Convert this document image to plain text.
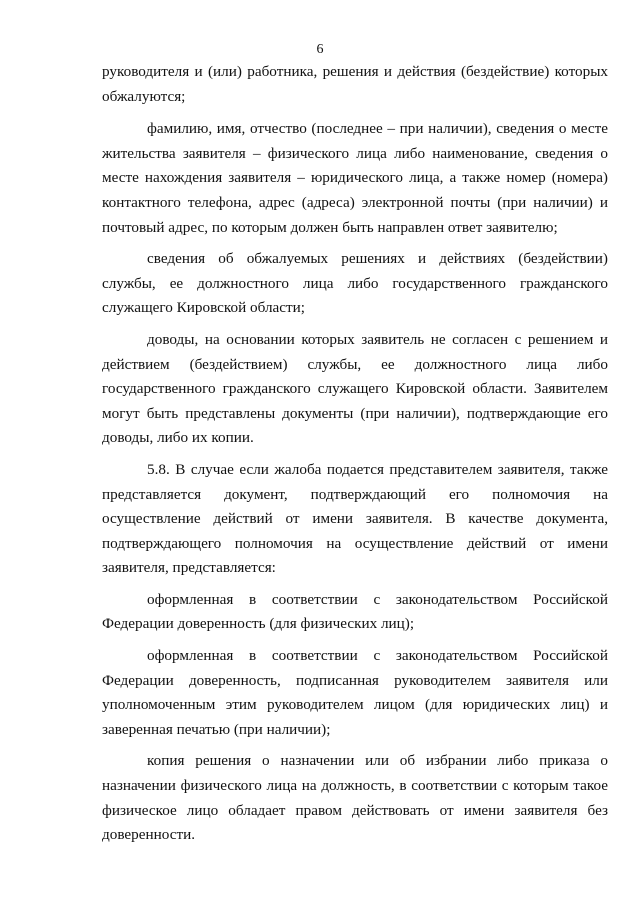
6

руководителя и (или) работника, решения и действия (бездействие) которых обжалуются;

фамилию, имя, отчество (последнее – при наличии), сведения о месте жительства заявителя – физического лица либо наименование, сведения о месте нахождения заявителя – юридического лица, а также номер (номера) контактного телефона, адрес (адреса) электронной почты (при наличии) и почтовый адрес, по которым должен быть направлен ответ заявителю;

сведения об обжалуемых решениях и действиях (бездействии) службы, ее должностного лица либо государственного гражданского служащего Кировской области;

доводы, на основании которых заявитель не согласен с решением и действием (бездействием) службы, ее должностного лица либо государственного гражданского служащего Кировской области. Заявителем могут быть представлены документы (при наличии), подтверждающие его доводы, либо их копии.

5.8. В случае если жалоба подается представителем заявителя, также представляется документ, подтверждающий его полномочия на осуществление действий от имени заявителя. В качестве документа, подтверждающего полномочия на осуществление действий от имени заявителя, представляется:

оформленная в соответствии с законодательством Российской Федерации доверенность (для физических лиц);

оформленная в соответствии с законодательством Российской Федерации доверенность, подписанная руководителем заявителя или уполномоченным этим руководителем лицом (для юридических лиц) и заверенная печатью (при наличии);

копия решения о назначении или об избрании либо приказа о назначении физического лица на должность, в соответствии с которым такое физическое лицо обладает правом действовать от имени заявителя без доверенности.
